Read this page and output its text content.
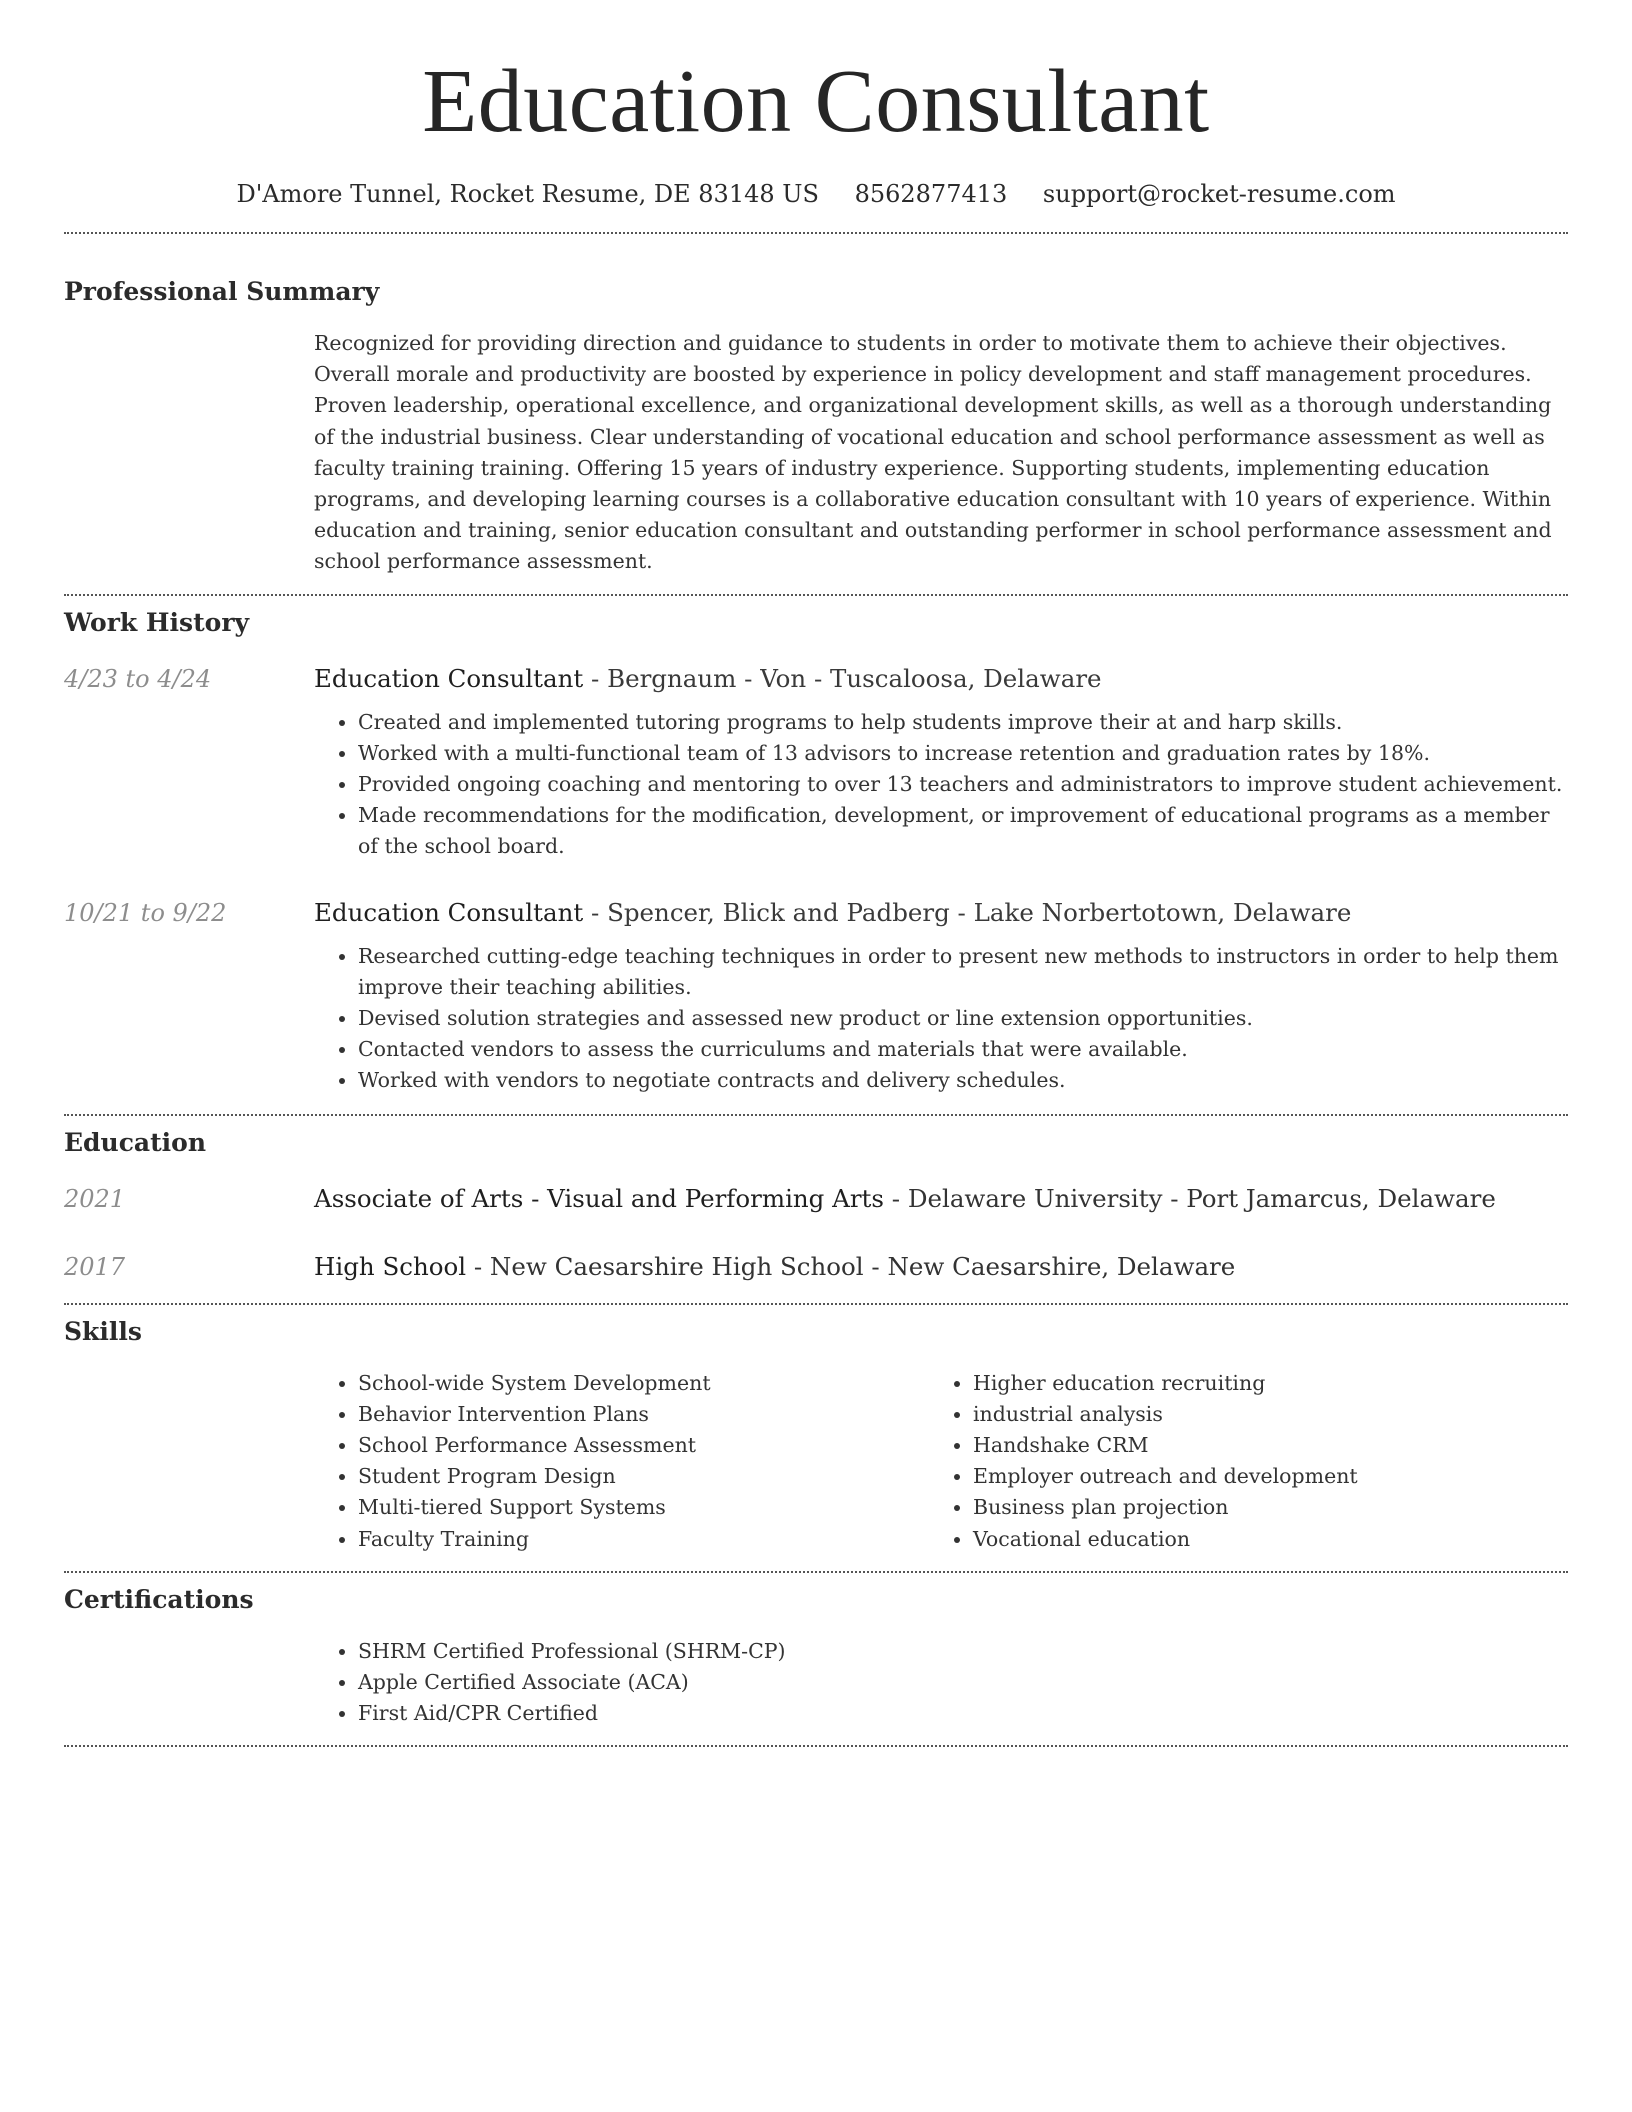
Education Consultant
D'Amore Tunnel, Rocket Resume, DE 83148 US 8562877413 support@rocket-resume.com
Professional Summary

Recognized for providing direction and guidance to students in order to motivate them to achieve their objectives. Overall morale and productivity are boosted by experience in policy development and staff management procedures. Proven leadership, operational excellence, and organizational development skills, as well as a thorough understanding of the industrial business. Clear understanding of vocational education and school performance assessment as well as faculty training training. Offering 15 years of industry experience. Supporting students, implementing education programs, and developing learning courses is a collaborative education consultant with 10 years of experience. Within education and training, senior education consultant and outstanding performer in school performance assessment and school performance assessment.

Work History
4/23 to 4/24	Education Consultant - Bergnaum - Von - Tuscaloosa, Delaware
• Created and implemented tutoring programs to help students improve their at and harp skills.
• Worked with a multi-functional team of 13 advisors to increase retention and graduation rates by 18%.
• Provided ongoing coaching and mentoring to over 13 teachers and administrators to improve student achievement.
• Made recommendations for the modification, development, or improvement of educational programs as a member of the school board.
10/21 to 9/22	Education Consultant - Spencer, Blick and Padberg - Lake Norbertotown, Delaware
• Researched cutting-edge teaching techniques in order to present new methods to instructors in order to help them improve their teaching abilities.
• Devised solution strategies and assessed new product or line extension opportunities.
• Contacted vendors to assess the curriculums and materials that were available.
• Worked with vendors to negotiate contracts and delivery schedules.
Education
2021	Associate of Arts - Visual and Performing Arts - Delaware University - Port Jamarcus, Delaware
2017	High School - New Caesarshire High School - New Caesarshire, Delaware
Skills
• School-wide System Development
• Behavior Intervention Plans
• School Performance Assessment
• Student Program Design
• Multi-tiered Support Systems
• Faculty Training
• Higher education recruiting
• industrial analysis
• Handshake CRM
• Employer outreach and development
• Business plan projection
• Vocational education
Certifications
• SHRM Certified Professional (SHRM-CP)
• Apple Certified Associate (ACA)
• First Aid/CPR Certified
